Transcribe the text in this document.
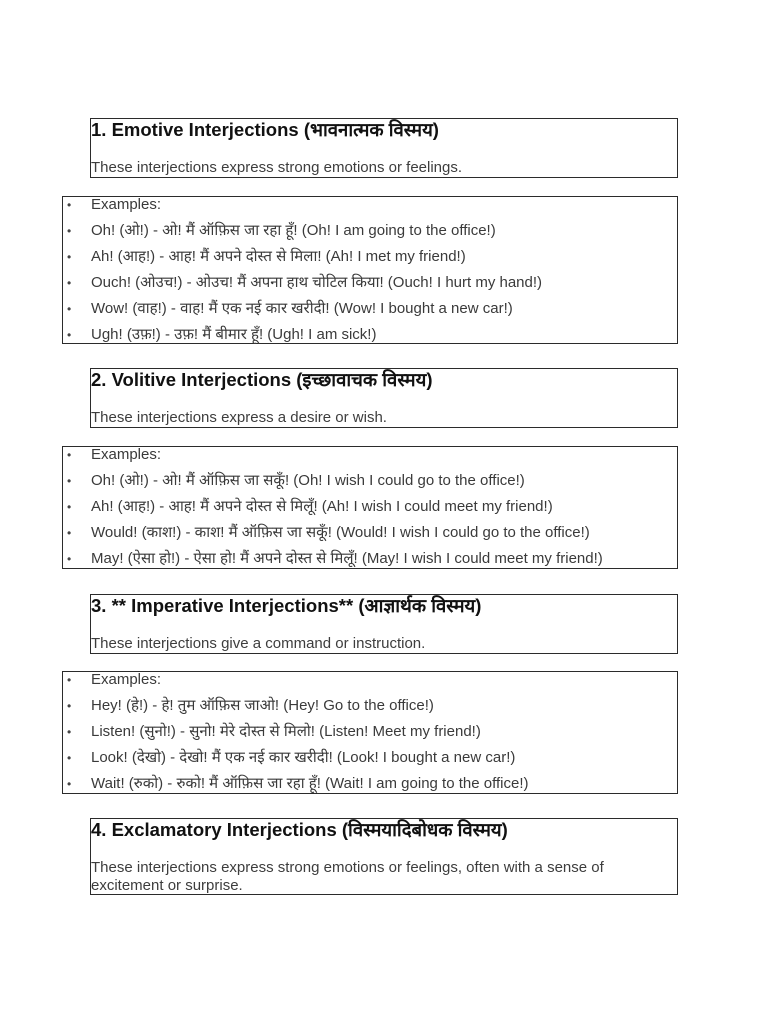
1. Emotive Interjections (भावनात्मक विस्मय)

These interjections express strong emotions or feelings.

• Examples:
• Oh! (ओ!) - ओ! मैं ऑफ़िस जा रहा हूँ! (Oh! I am going to the office!)
• Ah! (आह!) - आह! मैं अपने दोस्त से मिला! (Ah! I met my friend!)
• Ouch! (ओउच!) - ओउच! मैं अपना हाथ चोटिल किया! (Ouch! I hurt my hand!)
• Wow! (वाह!) - वाह! मैं एक नई कार खरीदी! (Wow! I bought a new car!)
• Ugh! (उफ़!) - उफ़! मैं बीमार हूँ! (Ugh! I am sick!)
2. Volitive Interjections (इच्छावाचक विस्मय)

These interjections express a desire or wish.

• Examples:
• Oh! (ओ!) - ओ! मैं ऑफ़िस जा सकूँ! (Oh! I wish I could go to the office!)
• Ah! (आह!) - आह! मैं अपने दोस्त से मिलूँ! (Ah! I wish I could meet my friend!)
• Would! (काश!) - काश! मैं ऑफ़िस जा सकूँ! (Would! I wish I could go to the office!)
• May! (ऐसा हो!) - ऐसा हो! मैं अपने दोस्त से मिलूँ! (May! I wish I could meet my friend!)
3. ** Imperative Interjections** (आज्ञार्थक विस्मय)

These interjections give a command or instruction.

• Examples:
• Hey! (हे!) - हे! तुम ऑफ़िस जाओ! (Hey! Go to the office!)
• Listen! (सुनो!) - सुनो! मेरे दोस्त से मिलो! (Listen! Meet my friend!)
• Look! (देखो) - देखो! मैं एक नई कार खरीदी! (Look! I bought a new car!)
• Wait! (रुको) - रुको! मैं ऑफ़िस जा रहा हूँ! (Wait! I am going to the office!)
4. Exclamatory Interjections (विस्मयादिबोधक विस्मय)

These interjections express strong emotions or feelings, often with a sense of excitement or surprise.
